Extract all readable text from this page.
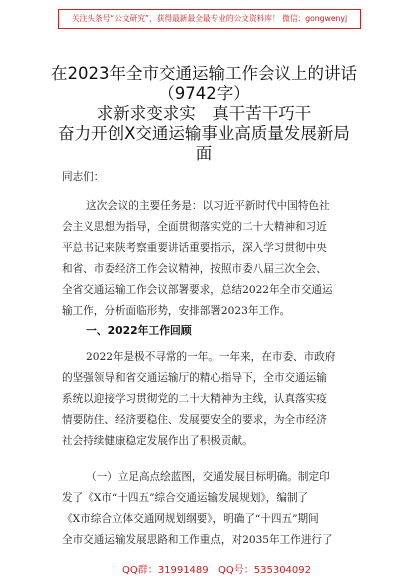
关注头条号“公文研究”，获得最新最全最专业的公文资料库！ 微信：gongwenyj
在2023年全市交通运输工作会议上的讲话
（9742字）
求新求变求实　真干苦干巧干
奋力开创X交通运输事业高质量发展新局
面
同志们：
这次会议的主要任务是：以习近平新时代中国特色社
会主义思想为指导，全面贯彻落实党的二十大精神和习近
平总书记来陕考察重要讲话重要指示，深入学习贯彻中央
和省、市委经济工作会议精神，按照市委八届三次全会、
全省交通运输工作会议部署要求，总结2022年全市交通运
输工作，分析面临形势，安排部署2023年工作。
一、2022年工作回顾
2022年是极不寻常的一年。一年来，在市委、市政府
的坚强领导和省交通运输厅的精心指导下，全市交通运输
系统以迎接学习贯彻党的二十大精神为主线，认真落实疫
情要防住、经济要稳住、发展要安全的要求，为全市经济
社会持续健康稳定发展作出了积极贡献。
（一）立足高点绘蓝图，交通发展目标明确。制定印
发了《X市“十四五”综合交通运输发展规划》，编制了
《X市综合立体交通网规划纲要》，明确了“十四五”期间
全市交通运输发展思路和工作重点，对2035年工作进行了
QQ群：31991489 QQ号：535304092
